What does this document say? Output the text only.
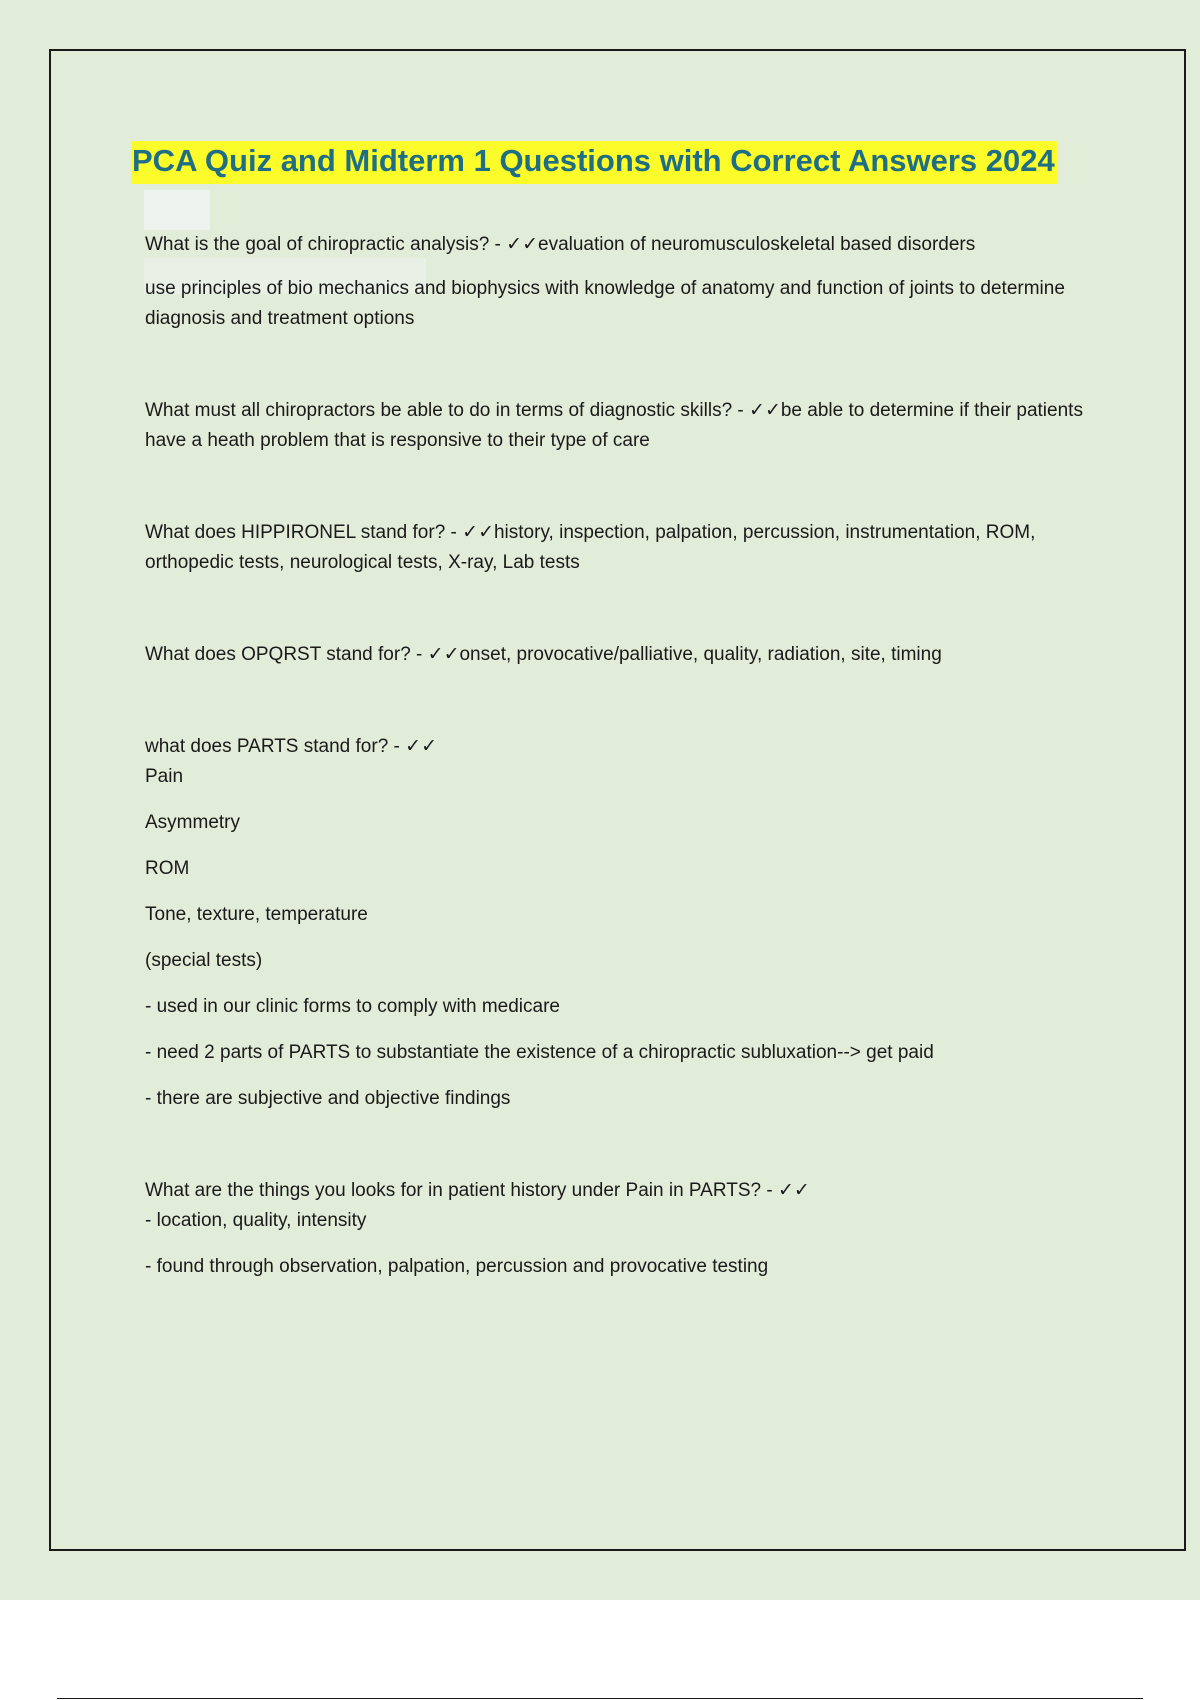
PCA Quiz and Midterm 1 Questions with Correct Answers 2024

What is the goal of chiropractic analysis? - ✓✓evaluation of neuromusculoskeletal based disorders

use principles of bio mechanics and biophysics with knowledge of anatomy and function of joints to determine diagnosis and treatment options

What must all chiropractors be able to do in terms of diagnostic skills? - ✓✓be able to determine if their patients have a heath problem that is responsive to their type of care

What does HIPPIRONEL stand for? - ✓✓history, inspection, palpation, percussion, instrumentation, ROM, orthopedic tests, neurological tests, X-ray, Lab tests

What does OPQRST stand for? - ✓✓onset, provocative/palliative, quality, radiation, site, timing

what does PARTS stand for? - ✓✓

Pain

Asymmetry

ROM

Tone, texture, temperature

(special tests)

- used in our clinic forms to comply with medicare

- need 2 parts of PARTS to substantiate the existence of a chiropractic subluxation--> get paid

- there are subjective and objective findings

What are the things you looks for in patient history under Pain in PARTS? - ✓✓

- location, quality, intensity

- found through observation, palpation, percussion and provocative testing
